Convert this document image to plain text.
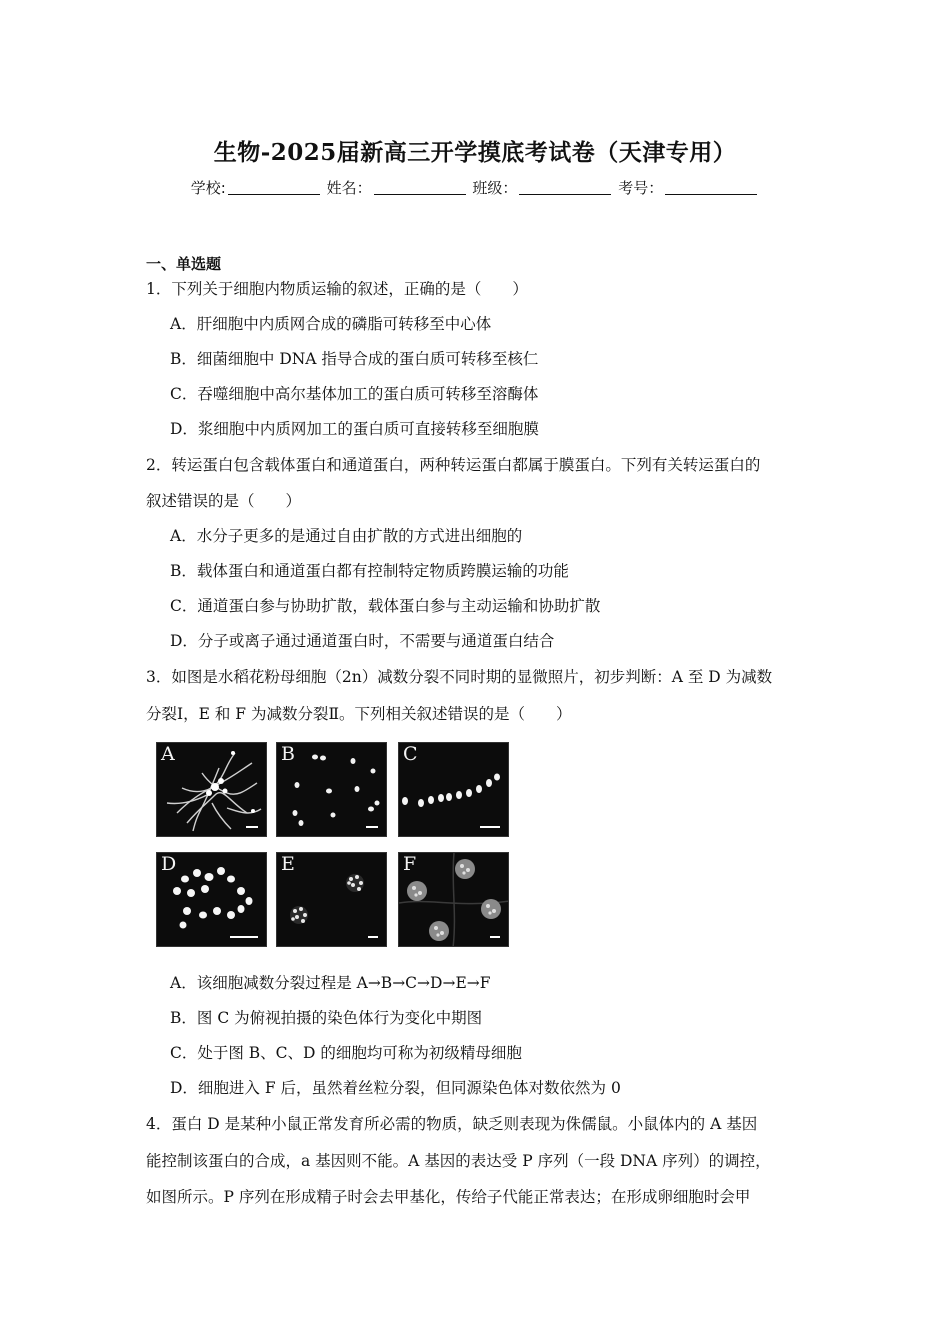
生物-2025届新高三开学摸底考试卷（天津专用）
学校:	姓名：	班级：	考号：
一、单选题
1．下列关于细胞内物质运输的叙述，正确的是（　　）
A．肝细胞中内质网合成的磷脂可转移至中心体
B．细菌细胞中 DNA 指导合成的蛋白质可转移至核仁
C．吞噬细胞中高尔基体加工的蛋白质可转移至溶酶体
D．浆细胞中内质网加工的蛋白质可直接转移至细胞膜
2．转运蛋白包含载体蛋白和通道蛋白，两种转运蛋白都属于膜蛋白。下列有关转运蛋白的
叙述错误的是（　　）
A．水分子更多的是通过自由扩散的方式进出细胞的
B．载体蛋白和通道蛋白都有控制特定物质跨膜运输的功能
C．通道蛋白参与协助扩散，载体蛋白参与主动运输和协助扩散
D．分子或离子通过通道蛋白时，不需要与通道蛋白结合
3．如图是水稻花粉母细胞（2n）减数分裂不同时期的显微照片，初步判断：A 至 D 为减数
分裂Ⅰ，E 和 F 为减数分裂Ⅱ。下列相关叙述错误的是（　　）
A	B	C
D	E	F
A．该细胞减数分裂过程是 A→B→C→D→E→F
B．图 C 为俯视拍摄的染色体行为变化中期图
C．处于图 B、C、D 的细胞均可称为初级精母细胞
D．细胞进入 F 后，虽然着丝粒分裂，但同源染色体对数依然为 0
4．蛋白 D 是某种小鼠正常发育所必需的物质，缺乏则表现为侏儒鼠。小鼠体内的 A 基因
能控制该蛋白的合成，a 基因则不能。A 基因的表达受 P 序列（一段 DNA 序列）的调控，
如图所示。P 序列在形成精子时会去甲基化，传给子代能正常表达；在形成卵细胞时会甲
